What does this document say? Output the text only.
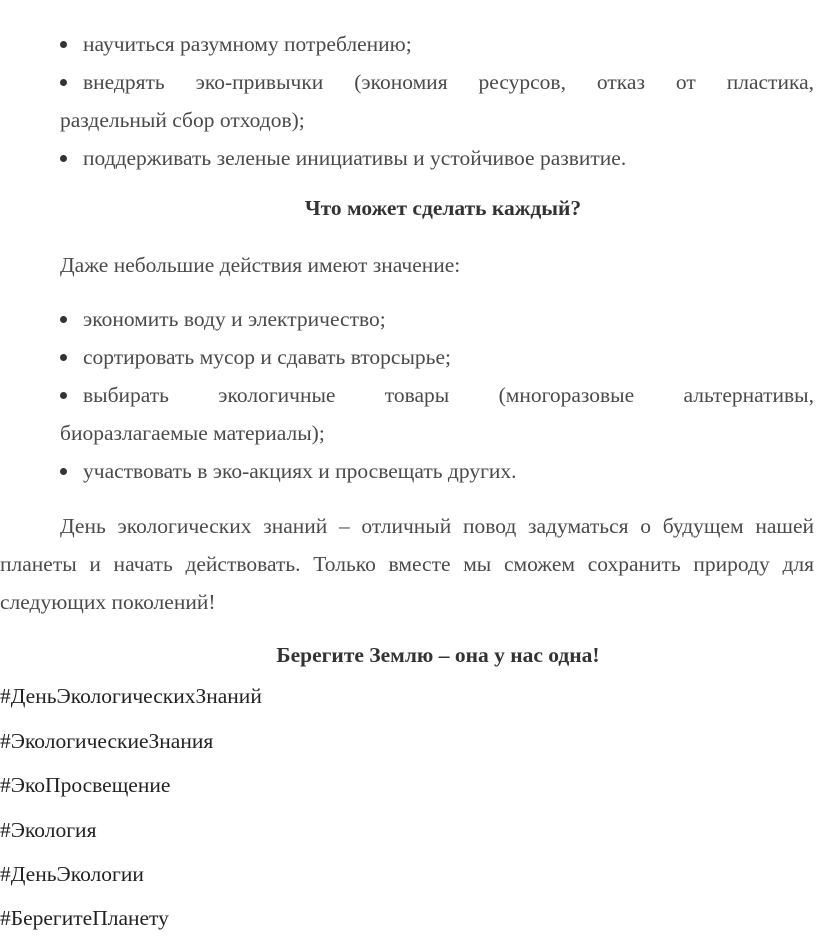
научиться разумному потреблению;
внедрять эко-привычки (экономия ресурсов, отказ от пластика,
раздельный сбор отходов);
поддерживать зеленые инициативы и устойчивое развитие.
Что может сделать каждый?
Даже небольшие действия имеют значение:
экономить воду и электричество;
сортировать мусор и сдавать вторсырье;
выбирать экологичные товары (многоразовые альтернативы,
биоразлагаемые материалы);
участвовать в эко-акциях и просвещать других.
День экологических знаний – отличный повод задуматься о будущем нашей планеты и начать действовать. Только вместе мы сможем сохранить природу для следующих поколений!
Берегите Землю – она у нас одна!
#ДеньЭкологическихЗнаний
#ЭкологическиеЗнания
#ЭкоПросвещение
#Экология
#ДеньЭкологии
#БерегитеПланету
